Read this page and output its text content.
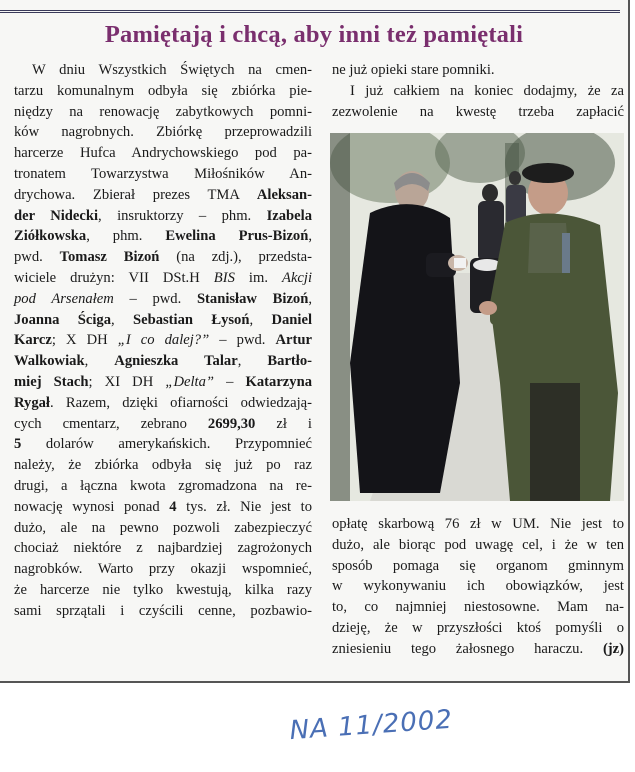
Pamiętają i chcą, aby inni też pamiętali
W dniu Wszystkich Świętych na cmen-
tarzu komunalnym odbyła się zbiórka pie-
niędzy na renowację zabytkowych pomni-
ków nagrobnych. Zbiórkę przeprowadzili
harcerze Hufca Andrychowskiego pod pa-
tronatem Towarzystwa Miłośników An-
drychowa. Zbierał prezes TMA Aleksan-
der Nidecki, insruktorzy – phm. Izabela
Ziółkowska, phm. Ewelina Prus-Bizoń,
pwd. Tomasz Bizoń (na zdj.), przedsta-
wiciele drużyn: VII DSt.H BIS im. Akcji
pod Arsenałem – pwd. Stanisław Bizoń,
Joanna Ściga, Sebastian Łysoń, Daniel
Karcz; X DH „I co dalej?” – pwd. Artur
Walkowiak, Agnieszka Talar, Bartło-
miej Stach; XI DH „Delta” – Katarzyna
Rygał. Razem, dzięki ofiarności odwiedzają-
cych cmentarz, zebrano 2699,30 zł i
5 dolarów amerykańskich. Przypomnieć
należy, że zbiórka odbyła się już po raz
drugi, a łączna kwota zgromadzona na re-
nowację wynosi ponad 4 tys. zł. Nie jest to
dużo, ale na pewno pozwoli zabezpieczyć
chociaż niektóre z najbardziej zagrożonych
nagrobków. Warto przy okazji wspomnieć,
że harcerze nie tylko kwestują, kilka razy
sami sprzątali i czyścili cenne, pozbawio-
ne już opieki stare pomniki.
I już całkiem na koniec dodajmy, że za
zezwolenie na kwestę trzeba zapłacić
opłatę skarbową 76 zł w UM. Nie jest to
dużo, ale biorąc pod uwagę cel, i że w ten
sposób pomaga się organom gminnym
w wykonywaniu ich obowiązków, jest
to, co najmniej niestosowne. Mam na-
dzieję, że w przyszłości ktoś pomyśli o
zniesieniu tego żałosnego haraczu. (jz)
NA 11/2002
